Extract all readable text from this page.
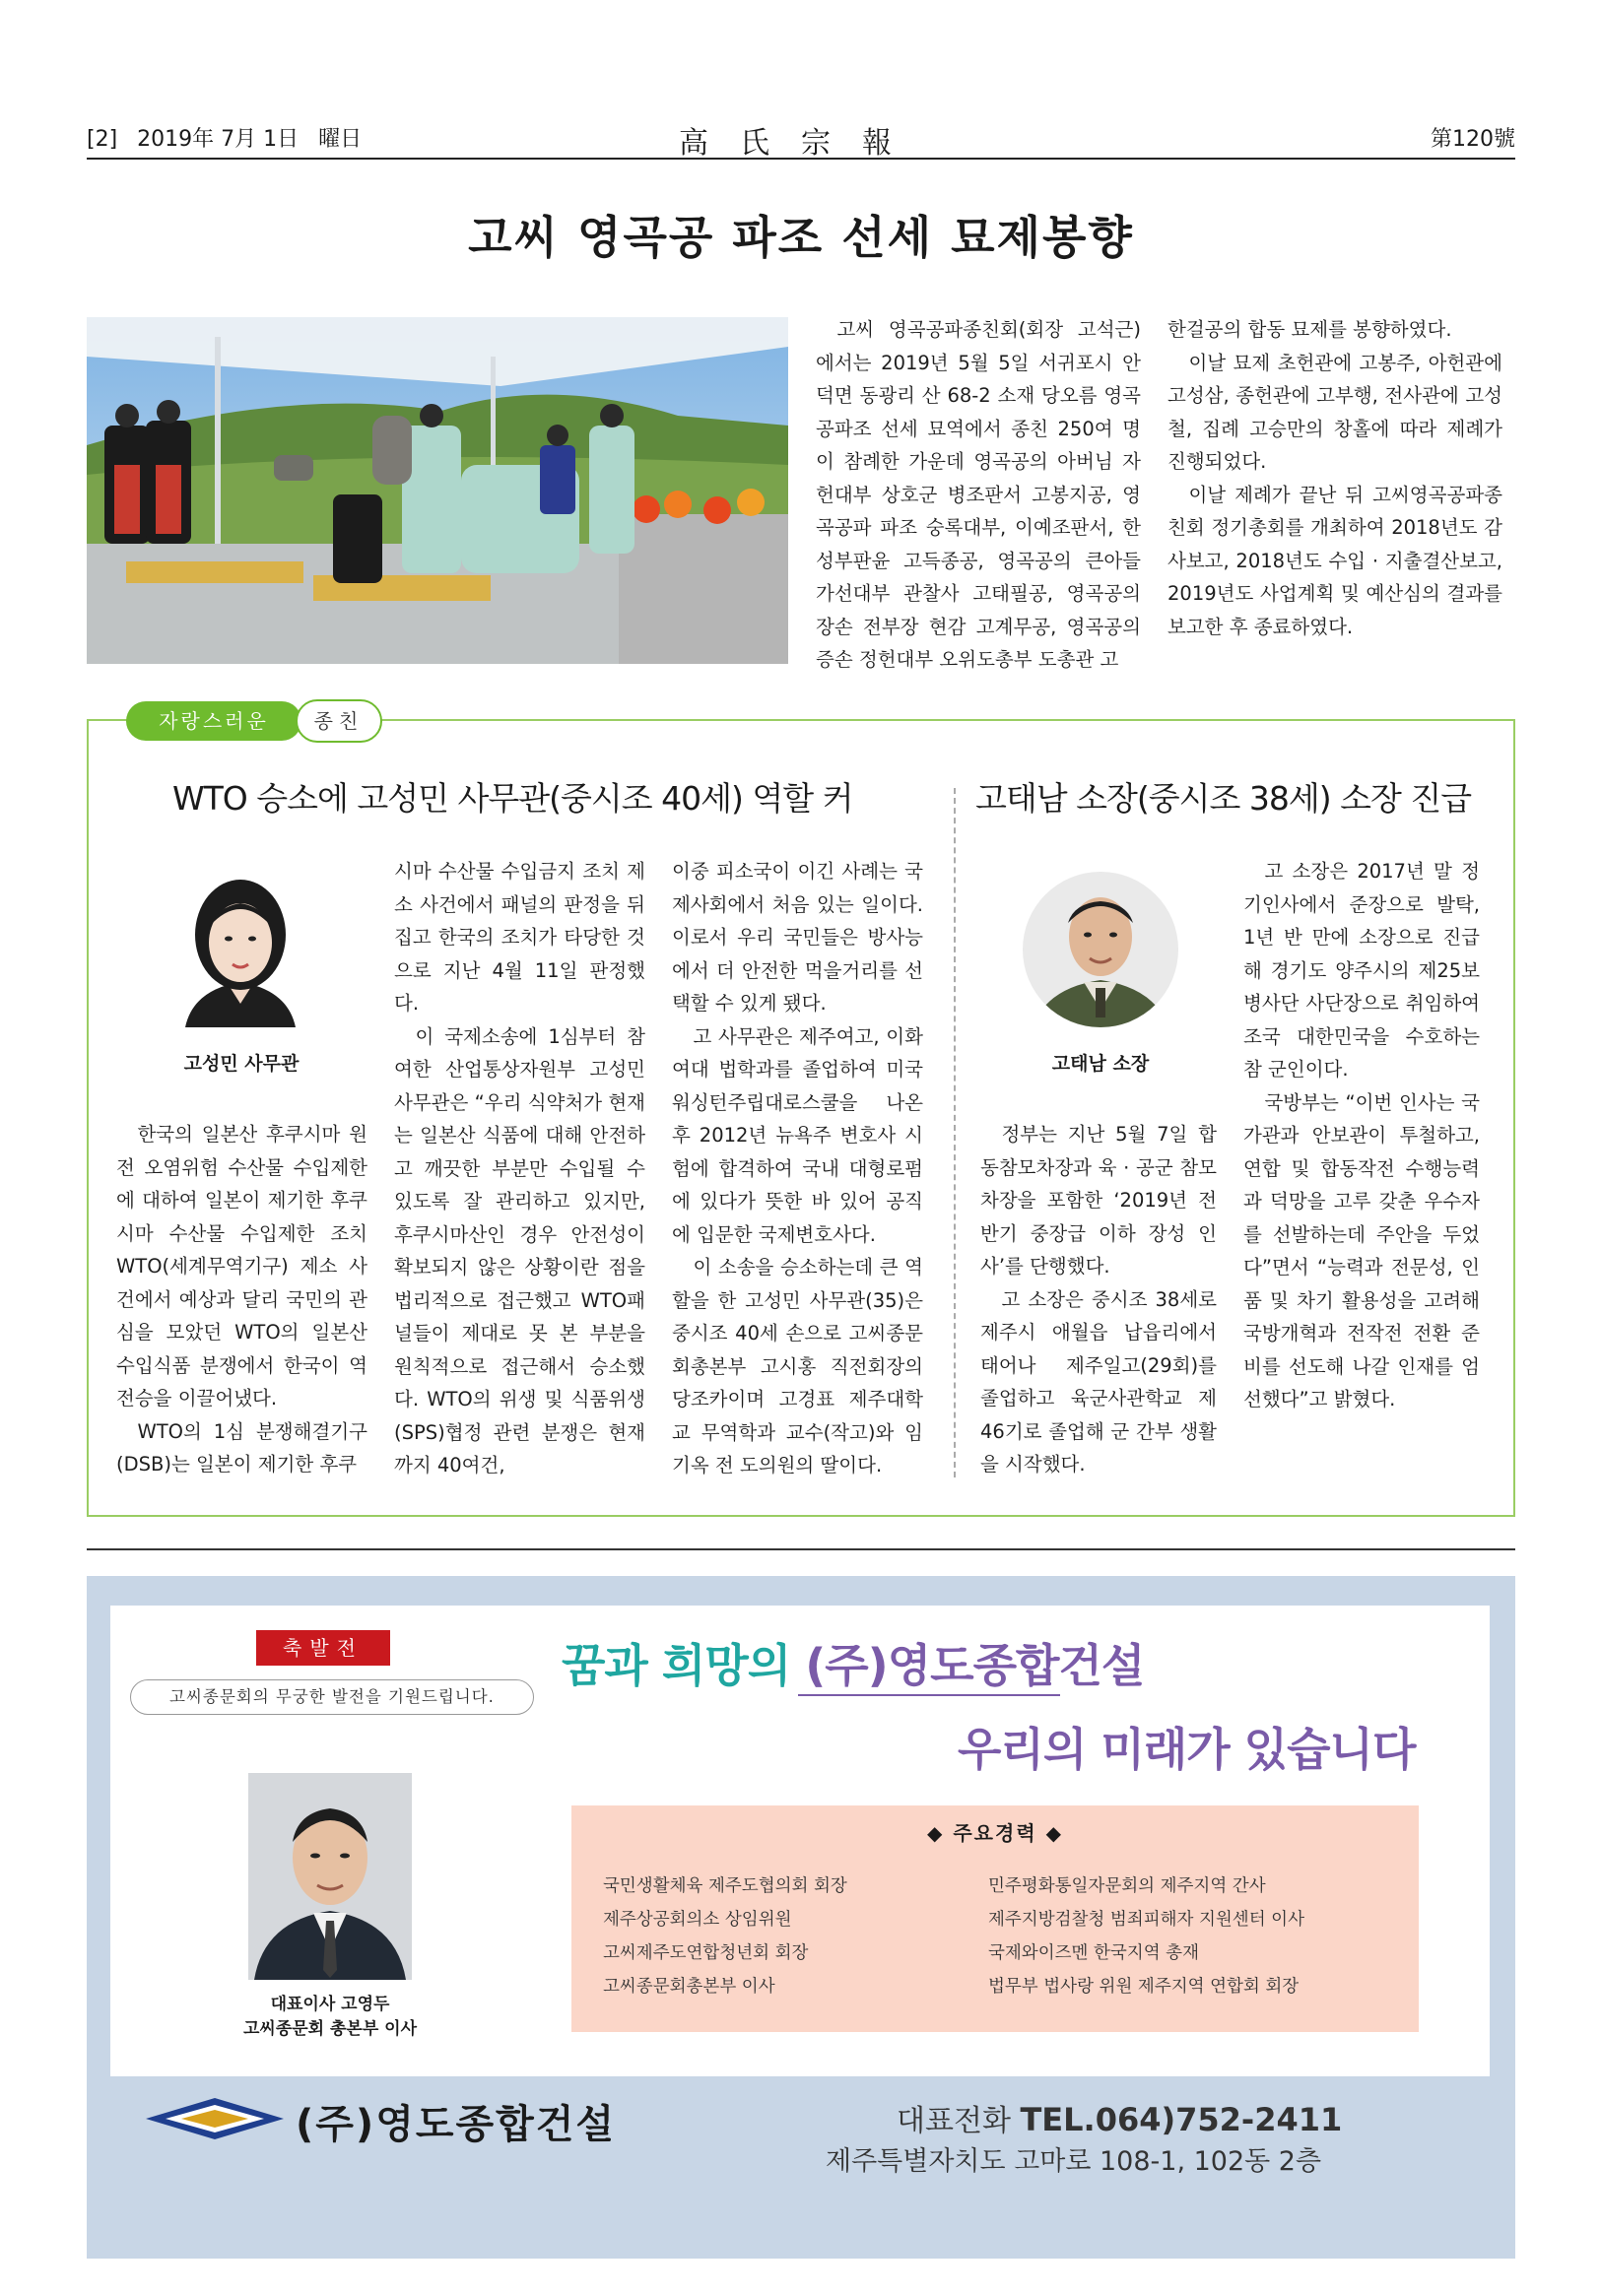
[2] 2019年 7月 1日 曜日	高氏宗報	第120號
고씨 영곡공 파조 선세 묘제봉향

고씨 영곡공파종친회(회장 고석근)에서는 2019년 5월 5일 서귀포시 안덕면 동광리 산 68-2 소재 당오름 영곡공파조 선세 묘역에서 종친 250여 명이 참례한 가운데 영곡공의 아버님 자헌대부 상호군 병조판서 고봉지공, 영곡공파 파조 숭록대부, 이예조판서, 한성부판윤 고득종공, 영곡공의 큰아들 가선대부 관찰사 고태필공, 영곡공의 장손 전부장 현감 고계무공, 영곡공의 증손 정헌대부 오위도총부 도총관 고

한걸공의 합동 묘제를 봉향하였다.

이날 묘제 초헌관에 고봉주, 아헌관에 고성삼, 종헌관에 고부행, 전사관에 고성철, 집례 고승만의 창홀에 따라 제례가 진행되었다.

이날 제례가 끝난 뒤 고씨영곡공파종친회 정기총회를 개최하여 2018년도 감사보고, 2018년도 수입 · 지출결산보고, 2019년도 사업계획 및 예산심의 결과를 보고한 후 종료하였다.

자랑스러운	종친
WTO 승소에 고성민 사무관(중시조 40세) 역할 커
고성민 사무관

한국의 일본산 후쿠시마 원전 오염위험 수산물 수입제한에 대하여 일본이 제기한 후쿠시마 수산물 수입제한 조치 WTO(세계무역기구) 제소 사건에서 예상과 달리 국민의 관심을 모았던 WTO의 일본산 수입식품 분쟁에서 한국이 역전승을 이끌어냈다.

WTO의 1심 분쟁해결기구(DSB)는 일본이 제기한 후쿠

시마 수산물 수입금지 조치 제소 사건에서 패널의 판정을 뒤집고 한국의 조치가 타당한 것으로 지난 4월 11일 판정했다.

이 국제소송에 1심부터 참여한 산업통상자원부 고성민 사무관은 “우리 식약처가 현재는 일본산 식품에 대해 안전하고 깨끗한 부분만 수입될 수 있도록 잘 관리하고 있지만, 후쿠시마산인 경우 안전성이 확보되지 않은 상황이란 점을 법리적으로 접근했고 WTO패널들이 제대로 못 본 부분을 원칙적으로 접근해서 승소했다. WTO의 위생 및 식품위생(SPS)협정 관련 분쟁은 현재까지 40여건,

이중 피소국이 이긴 사례는 국제사회에서 처음 있는 일이다. 이로서 우리 국민들은 방사능에서 더 안전한 먹을거리를 선택할 수 있게 됐다.

고 사무관은 제주여고, 이화여대 법학과를 졸업하여 미국 워싱턴주립대로스쿨을 나온 후 2012년 뉴욕주 변호사 시험에 합격하여 국내 대형로펌에 있다가 뜻한 바 있어 공직에 입문한 국제변호사다.

이 소송을 승소하는데 큰 역할을 한 고성민 사무관(35)은 중시조 40세 손으로 고씨종문회총본부 고시홍 직전회장의 당조카이며 고경표 제주대학교 무역학과 교수(작고)와 임기옥 전 도의원의 딸이다.

고태남 소장(중시조 38세) 소장 진급
고태남 소장

정부는 지난 5월 7일 합동참모차장과 육 · 공군 참모차장을 포함한 ‘2019년 전반기 중장급 이하 장성 인사’를 단행했다.

고 소장은 중시조 38세로 제주시 애월읍 납읍리에서 태어나 제주일고(29회)를 졸업하고 육군사관학교 제46기로 졸업해 군 간부 생활을 시작했다.

고 소장은 2017년 말 정기인사에서 준장으로 발탁, 1년 반 만에 소장으로 진급해 경기도 양주시의 제25보병사단 사단장으로 취임하여 조국 대한민국을 수호하는 참 군인이다.

국방부는 “이번 인사는 국가관과 안보관이 투철하고, 연합 및 합동작전 수행능력과 덕망을 고루 갖춘 우수자를 선발하는데 주안을 두었다”면서 “능력과 전문성, 인품 및 차기 활용성을 고려해 국방개혁과 전작전 전환 준비를 선도해 나갈 인재를 엄선했다”고 밝혔다.

축발전
고씨종문회의 무궁한 발전을 기원드립니다.
꿈과 희망의 (주)영도종합건설
우리의 미래가 있습니다
대표이사 고영두
고씨종문회 총본부 이사
◆ 주요경력 ◆
국민생활체육 제주도협의회 회장
제주상공회의소 상임위원
고씨제주도연합청년회 회장
고씨종문회총본부 이사
민주평화통일자문회의 제주지역 간사
제주지방검찰청 범죄피해자 지원센터 이사
국제와이즈멘 한국지역 총재
법무부 법사랑 위원 제주지역 연합회 회장
(주)영도종합건설	대표전화 TEL.064)752-2411
제주특별자치도 고마로 108-1, 102동 2층
